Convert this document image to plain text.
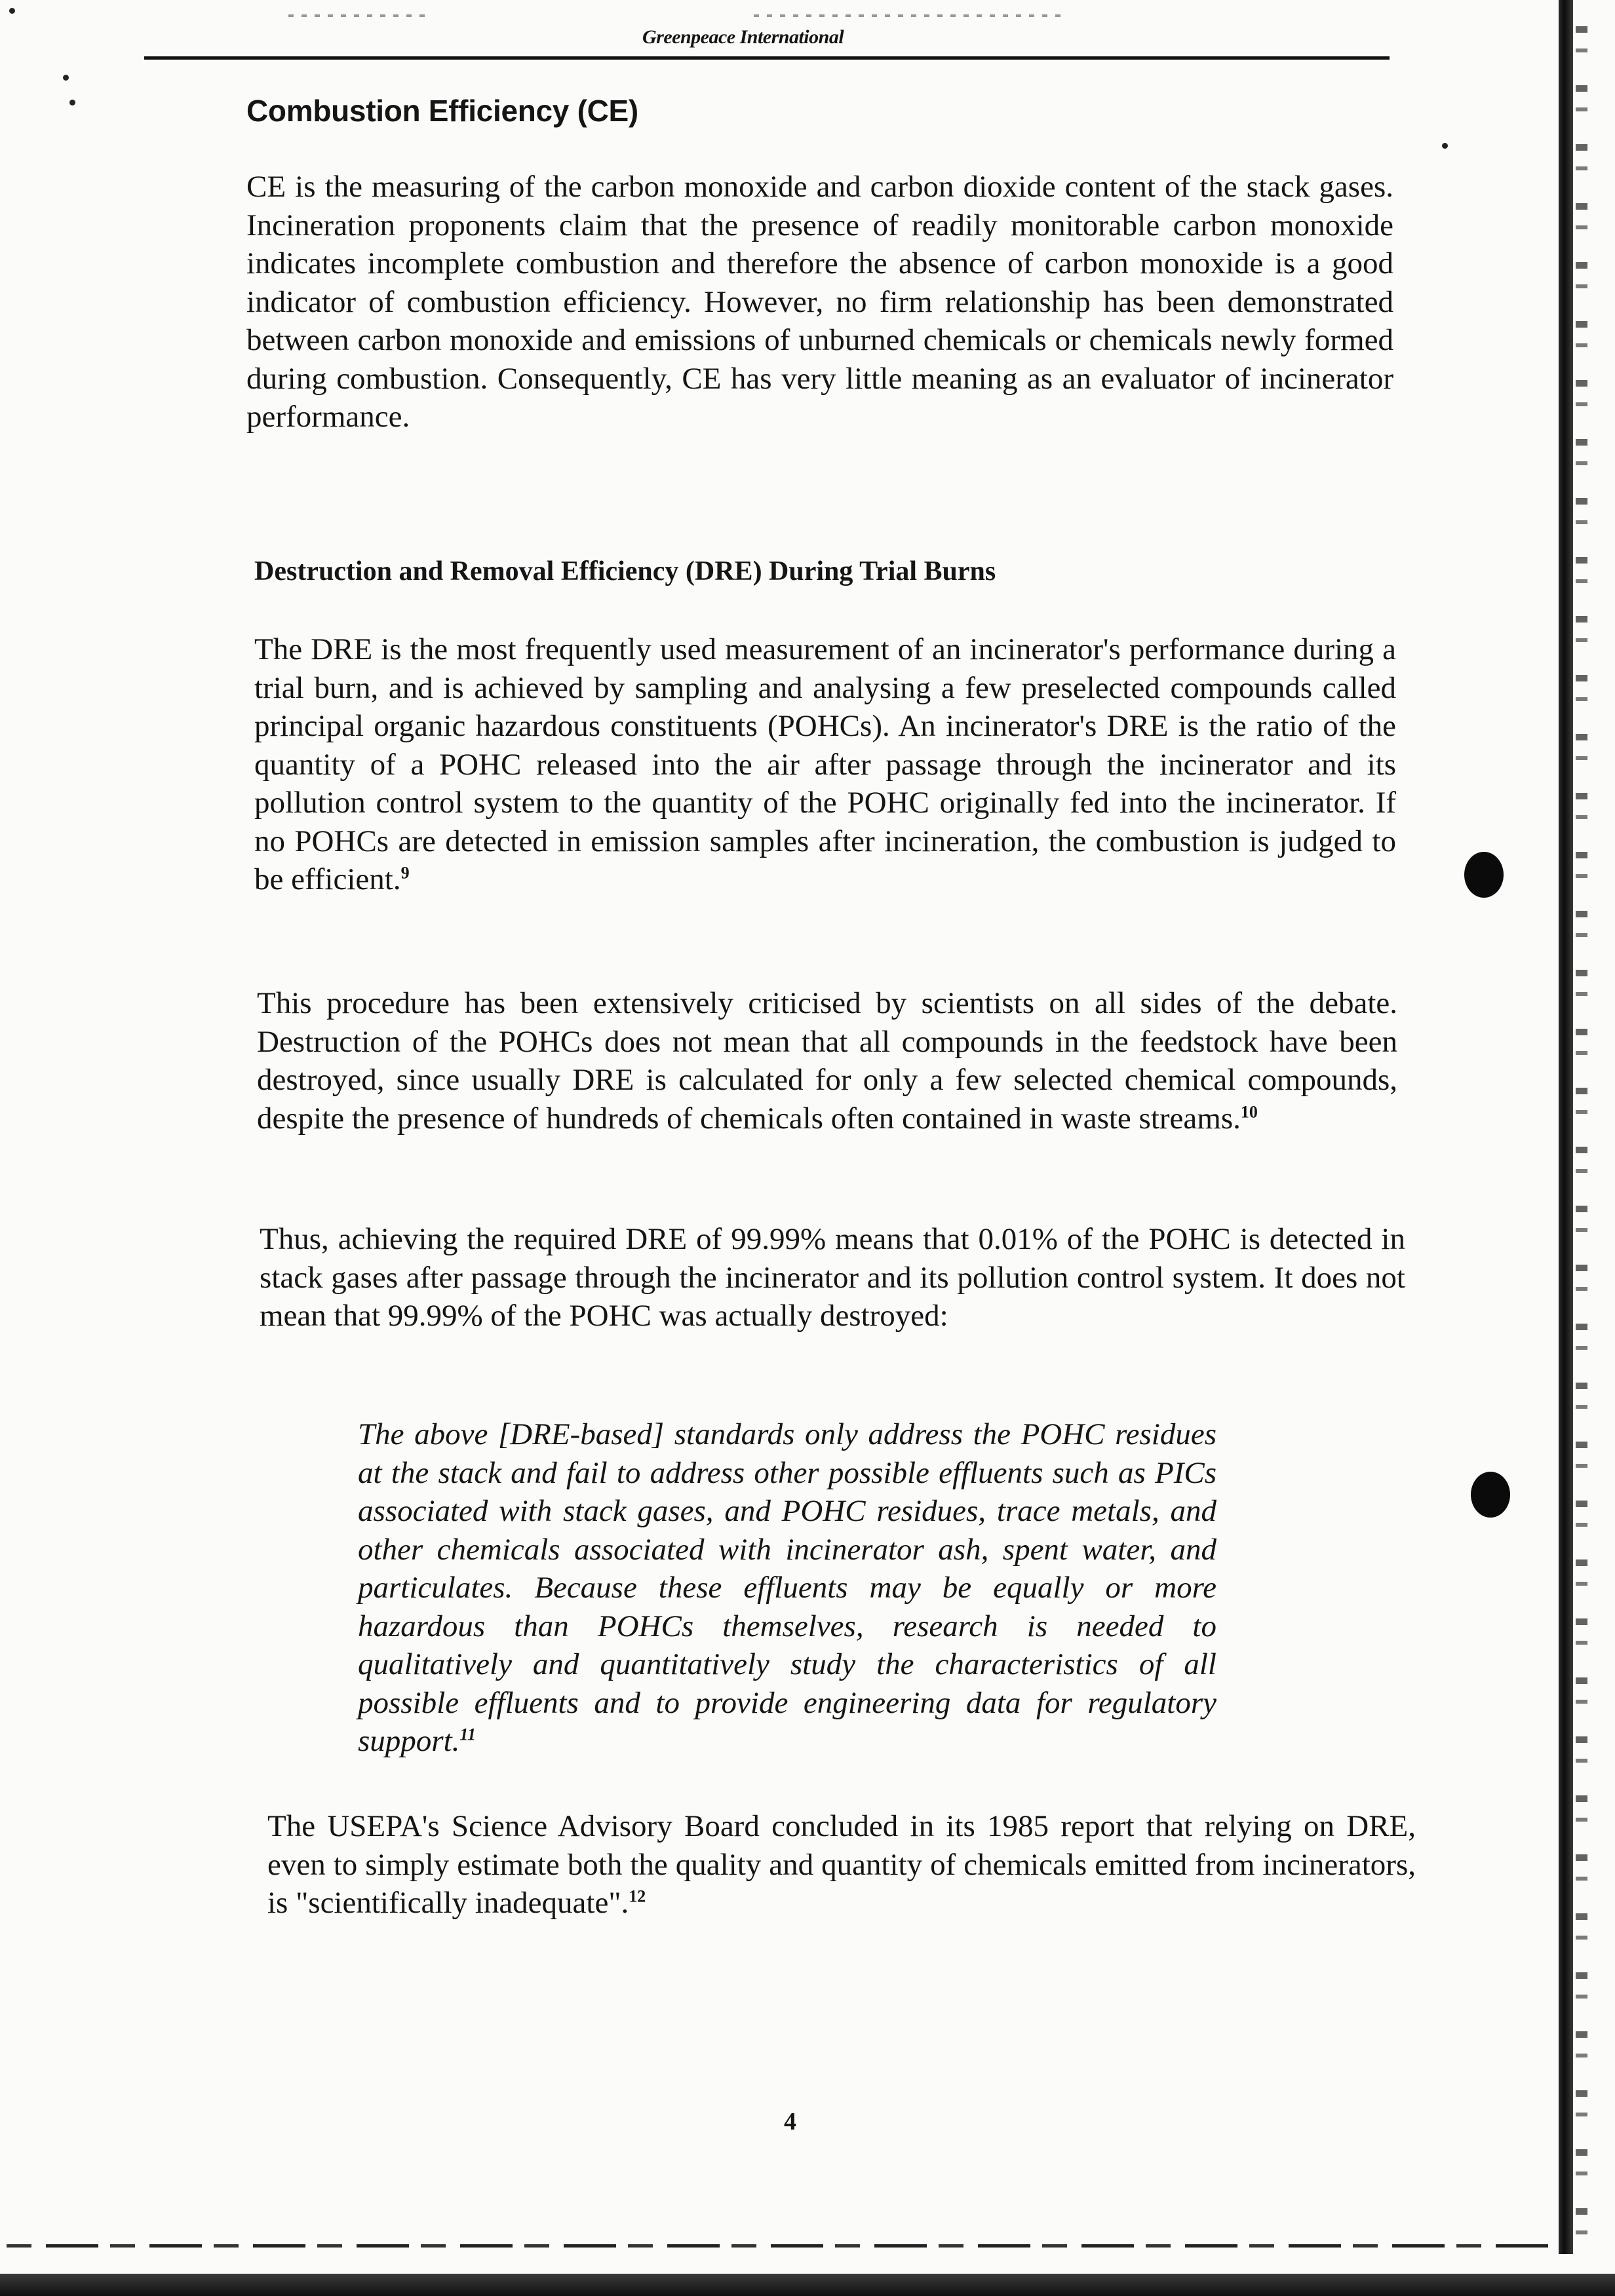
Greenpeace International
Combustion Efficiency (CE)
CE is the measuring of the carbon monoxide and carbon dioxide content of the stack gases. Incineration proponents claim that the presence of readily monitorable carbon monoxide indicates incomplete combustion and therefore the absence of carbon monoxide is a good indicator of combustion efficiency. However, no firm relationship has been demonstrated between carbon monoxide and emissions of unburned chemicals or chemicals newly formed during combustion. Consequently, CE has very little meaning as an evaluator of incinerator performance.
Destruction and Removal Efficiency (DRE) During Trial Burns
The DRE is the most frequently used measurement of an incinerator's performance during a trial burn, and is achieved by sampling and analysing a few preselected compounds called principal organic hazardous constituents (POHCs). An incinerator's DRE is the ratio of the quantity of a POHC released into the air after passage through the incinerator and its pollution control system to the quantity of the POHC originally fed into the incinerator. If no POHCs are detected in emission samples after incineration, the combustion is judged to be efficient.$^9$
This procedure has been extensively criticised by scientists on all sides of the debate. Destruction of the POHCs does not mean that all compounds in the feedstock have been destroyed, since usually DRE is calculated for only a few selected chemical compounds, despite the presence of hundreds of chemicals often contained in waste streams.$^{10}$
Thus, achieving the required DRE of 99.99% means that 0.01% of the POHC is detected in stack gases after passage through the incinerator and its pollution control system. It does not mean that 99.99% of the POHC was actually destroyed:
The above [DRE-based] standards only address the POHC residues at the stack and fail to address other possible effluents such as PICs associated with stack gases, and POHC residues, trace metals, and other chemicals associated with incinerator ash, spent water, and particulates. Because these effluents may be equally or more hazardous than POHCs themselves, research is needed to qualitatively and quantitatively study the characteristics of all possible effluents and to provide engineering data for regulatory support.$^{11}$
The USEPA's Science Advisory Board concluded in its 1985 report that relying on DRE, even to simply estimate both the quality and quantity of chemicals emitted from incinerators, is "scientifically inadequate".$^{12}$
4
